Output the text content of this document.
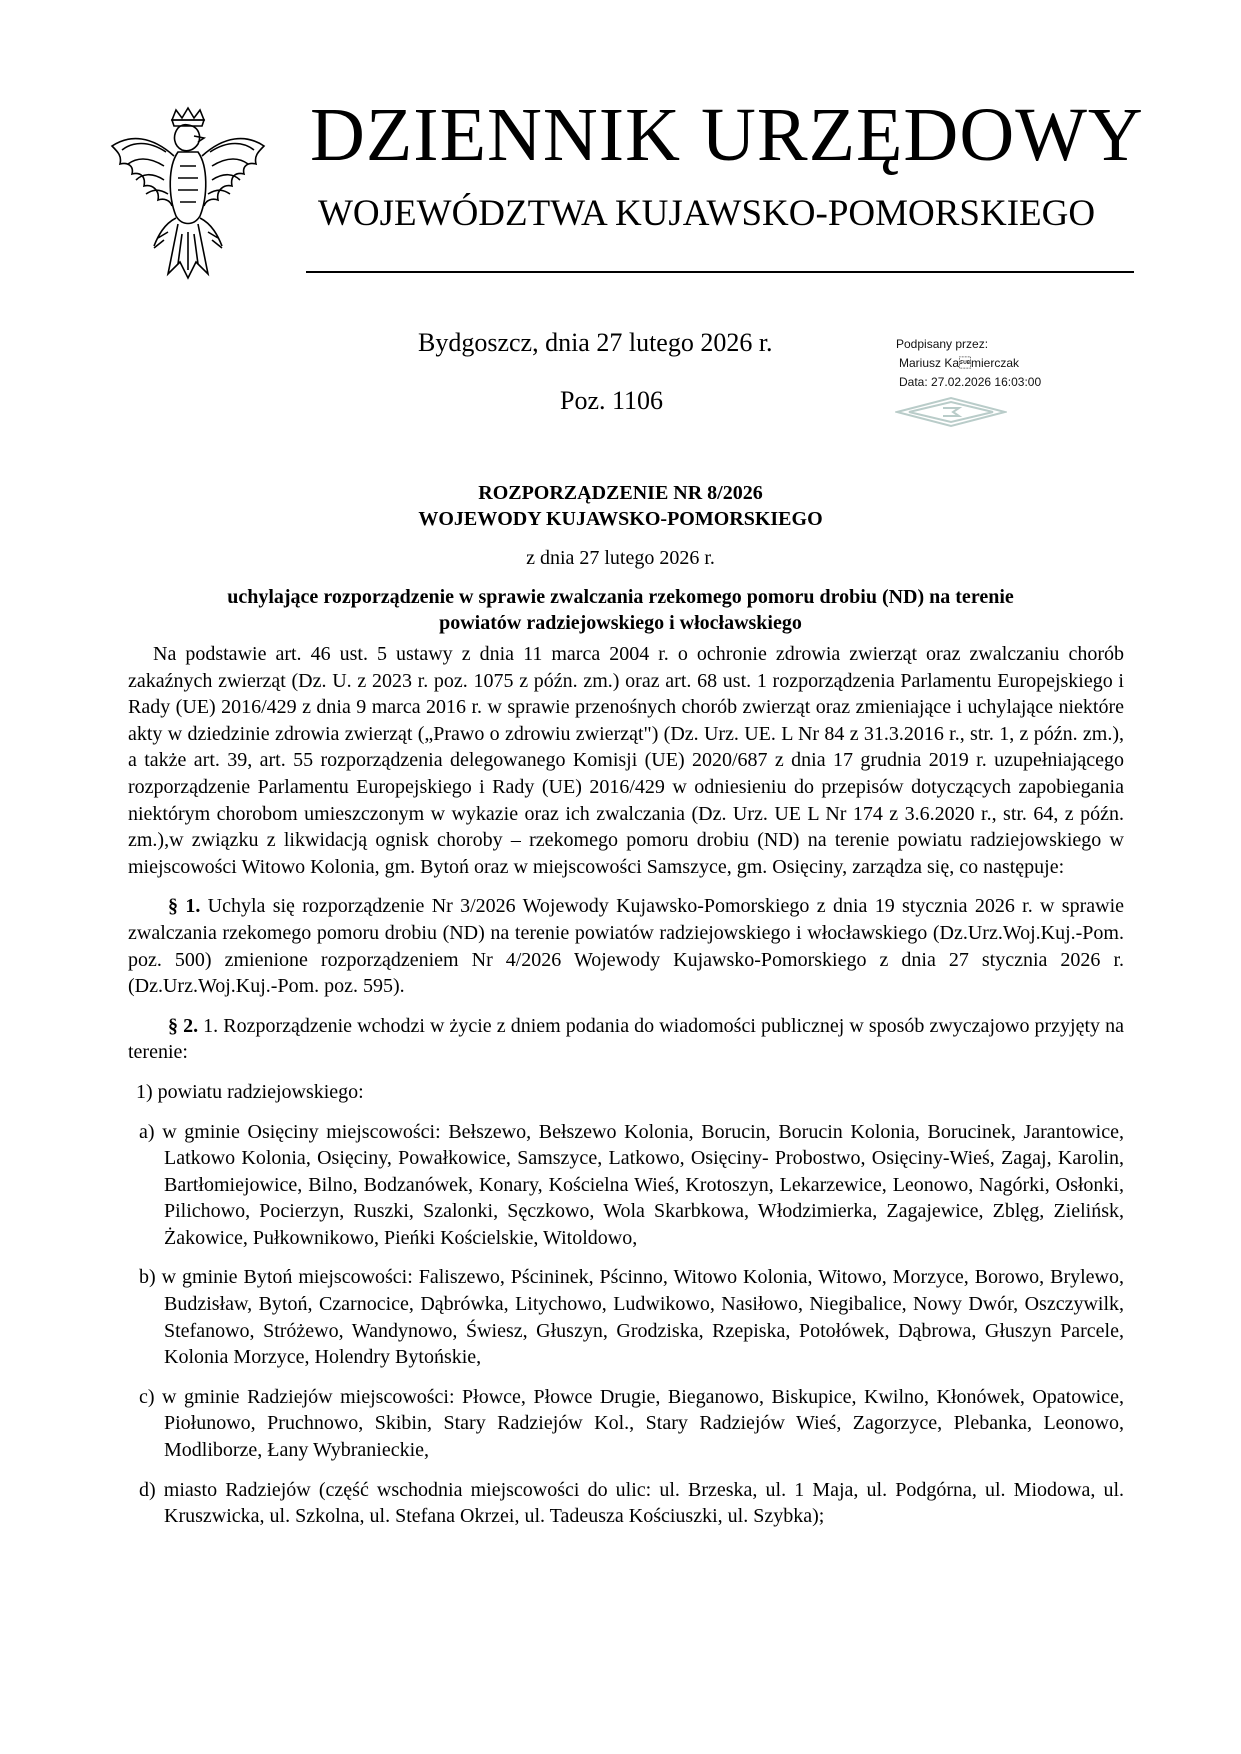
DZIENNIK URZĘDOWY
WOJEWÓDZTWA KUJAWSKO-POMORSKIEGO
Bydgoszcz, dnia 27 lutego 2026 r.
Poz. 1106
Podpisany przez:
Mariusz Kamierczak
Data: 27.02.2026 16:03:00
ROZPORZĄDZENIE NR 8/2026
WOJEWODY KUJAWSKO-POMORSKIEGO
z dnia 27 lutego 2026 r.
uchylające rozporządzenie w sprawie zwalczania rzekomego pomoru drobiu (ND) na terenie
powiatów radziejowskiego i włocławskiego

Na podstawie art. 46 ust. 5 ustawy z dnia 11 marca 2004 r. o ochronie zdrowia zwierząt oraz zwalczaniu chorób zakaźnych zwierząt (Dz. U. z 2023 r. poz. 1075 z późn. zm.) oraz art. 68 ust. 1 rozporządzenia Parlamentu Europejskiego i Rady (UE) 2016/429 z dnia 9 marca 2016 r. w sprawie przenośnych chorób zwierząt oraz zmieniające i uchylające niektóre akty w dziedzinie zdrowia zwierząt („Prawo o zdrowiu zwierząt") (Dz. Urz. UE. L Nr 84 z 31.3.2016 r., str. 1, z późn. zm.), a także art. 39, art. 55 rozporządzenia delegowanego Komisji (UE) 2020/687 z dnia 17 grudnia 2019 r. uzupełniającego rozporządzenie Parlamentu Europejskiego i Rady (UE) 2016/429 w odniesieniu do przepisów dotyczących zapobiegania niektórym chorobom umieszczonym w wykazie oraz ich zwalczania (Dz. Urz. UE L Nr 174 z 3.6.2020 r., str. 64, z późn. zm.),w związku z likwidacją ognisk choroby – rzekomego pomoru drobiu (ND) na terenie powiatu radziejowskiego w miejscowości Witowo Kolonia, gm. Bytoń oraz w miejscowości Samszyce, gm. Osięciny, zarządza się, co następuje:

§ 1. Uchyla się rozporządzenie Nr 3/2026 Wojewody Kujawsko-Pomorskiego z dnia 19 stycznia 2026 r. w sprawie zwalczania rzekomego pomoru drobiu (ND) na terenie powiatów radziejowskiego i włocławskiego (Dz.Urz.Woj.Kuj.-Pom. poz. 500) zmienione rozporządzeniem Nr 4/2026 Wojewody Kujawsko-Pomorskiego z dnia 27 stycznia 2026 r. (Dz.Urz.Woj.Kuj.-Pom. poz. 595).

§ 2. 1. Rozporządzenie wchodzi w życie z dniem podania do wiadomości publicznej w sposób zwyczajowo przyjęty na terenie:

1) powiatu radziejowskiego:

a) w gminie Osięciny miejscowości: Bełszewo, Bełszewo Kolonia, Borucin, Borucin Kolonia, Borucinek, Jarantowice, Latkowo Kolonia, Osięciny, Powałkowice, Samszyce, Latkowo, Osięciny- Probostwo, Osięciny-Wieś, Zagaj, Karolin, Bartłomiejowice, Bilno, Bodzanówek, Konary, Kościelna Wieś, Krotoszyn, Lekarzewice, Leonowo, Nagórki, Osłonki, Pilichowo, Pocierzyn, Ruszki, Szalonki, Sęczkowo, Wola Skarbkowa, Włodzimierka, Zagajewice, Zblęg, Zielińsk, Żakowice, Pułkownikowo, Pieńki Kościelskie, Witoldowo,

b) w gminie Bytoń miejscowości: Faliszewo, Pścininek, Pścinno, Witowo Kolonia, Witowo, Morzyce, Borowo, Brylewo, Budzisław, Bytoń, Czarnocice, Dąbrówka, Litychowo, Ludwikowo, Nasiłowo, Niegibalice, Nowy Dwór, Oszczywilk, Stefanowo, Stróżewo, Wandynowo, Świesz, Głuszyn, Grodziska, Rzepiska, Potołówek, Dąbrowa, Głuszyn Parcele, Kolonia Morzyce, Holendry Bytońskie,

c) w gminie Radziejów miejscowości: Płowce, Płowce Drugie, Bieganowo, Biskupice, Kwilno, Kłonówek, Opatowice, Piołunowo, Pruchnowo, Skibin, Stary Radziejów Kol., Stary Radziejów Wieś, Zagorzyce, Plebanka, Leonowo, Modliborze, Łany Wybranieckie,

d) miasto Radziejów (część wschodnia miejscowości do ulic: ul. Brzeska, ul. 1 Maja, ul. Podgórna, ul. Miodowa, ul. Kruszwicka, ul. Szkolna, ul. Stefana Okrzei, ul. Tadeusza Kościuszki, ul. Szybka);
